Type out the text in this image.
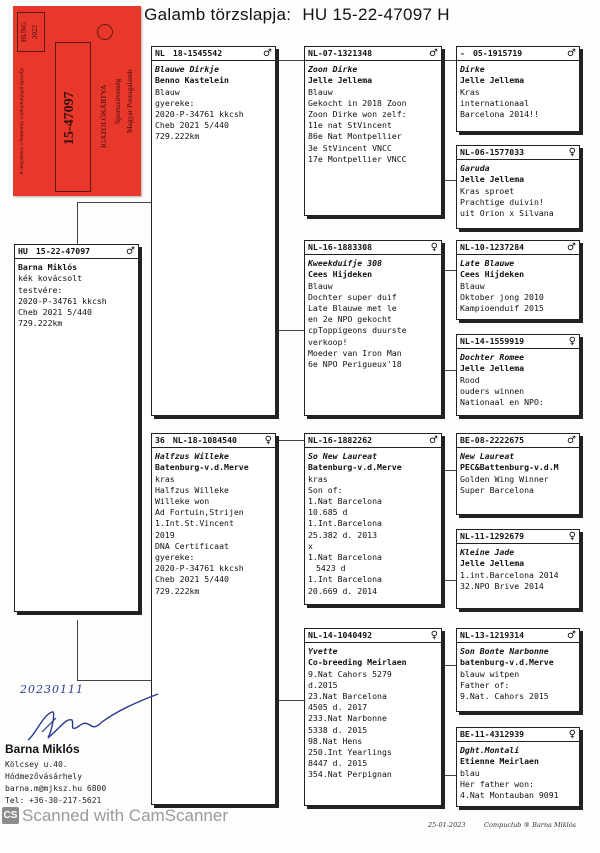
Galamb törzslapja: HU 15-22-47097 H
HUNG 2022
A tulajdonos a fenntartja a tulajdonjogát igazolja	15-47097	IGAZOLÓKÁRTYA Sportszövetség Magyar Postagalamb
HU 15-22-47097	♂
Barna Miklós
kék kovácsolt
testvére:
2020-P-34761 kkcsh
Cheb 2021 5/440
729.222km
NL 18-1545542	♂
Blauwe Dirkje
Benno Kastelein
Blauw
gyereke:
2020-P-34761 kkcsh
Cheb 2021 5/440
729.222km
36 NL-18-1084540	♀
Halfzus Willeke
Batenburg-v.d.Merve
kras
Halfzus Willeke
Willeke won
Ad Fortuin,Strijen
1.Int.St.Vincent
2019
DNA Certificaat
gyereke:
2020-P-34761 kkcsh
Cheb 2021 5/440
729.222km
NL-07-1321348	♂
Zoon Dirke
Jelle Jellema
Blauw
Gekocht in 2018 Zoon
Zoon Dirke won zelf:
11e nat StVincent
86e Nat Montpellier
3e StVincent VNCC
17e Montpellier VNCC
NL-16-1883308	♀
Kweekduifje 308
Cees Hijdeken
Blauw
Dochter super duif
Late Blauwe met le
en 2e NPO gekocht
cpToppigeons duurste
verkoop!
Moeder van Iron Man
6e NPO Perigueux'18
NL-16-1882262	♂
So New Laureat
Batenburg-v.d.Merve
kras
Son of:
1.Nat Barcelona
10.685 d
1.Int.Barcelona
25.382 d. 2013
x
1.Nat Barcelona
5423 d
1.Int Barcelona
20.669 d. 2014
NL-14-1040492	♀
Yvette
Co-breeding Meirlaen
9.Nat Cahors 5279
d.2015
23.Nat Barcelona
4505 d. 2017
233.Nat Narbonne
5338 d. 2015
98.Nat Hens
250.Int Yearlings
8447 d. 2015
354.Nat Perpignan
- 05-1915719	♂
Dirke
Jelle Jellema
Kras
internationaal
Barcelona 2014!!
NL-06-1577033	♀
Garuda
Jelle Jellema
Kras sproet
Prachtige duivin!
uit Orion x Silvana
NL-10-1237284	♂
Late Blauwe
Cees Hijdeken
Blauw
Oktober jong 2010
Kampioenduif 2015
NL-14-1559919	♀
Dochter Romee
Jelle Jellema
Rood
ouders winnen
Nationaal en NPO:
BE-08-2222675	♂
New Laureat
PEC&Battenburg-v.d.M
Golden Wing Winner
Super Barcelona
NL-11-1292679	♀
Kleine Jade
Jelle Jellema
1.int.Barcelona 2014
32.NPO Brive 2014
NL-13-1219314	♂
Son Bonte Narbonne
batenburg-v.d.Merve
blauw witpen
Father of:
9.Nat. Cahors 2015
BE-11-4312939	♀
Dght.Montali
Etienne Meirlaen
blau
Her father won:
4.Nat Montauban 9091
20230111
Barna Miklós
Kölcsey u.40.
Hódmezővásárhely
barna.m@mjksz.hu 6800
Tel: +36-30-217-5621
CS Scanned with CamScanner	25-01-2023	Compuclub ® Barna Miklós
